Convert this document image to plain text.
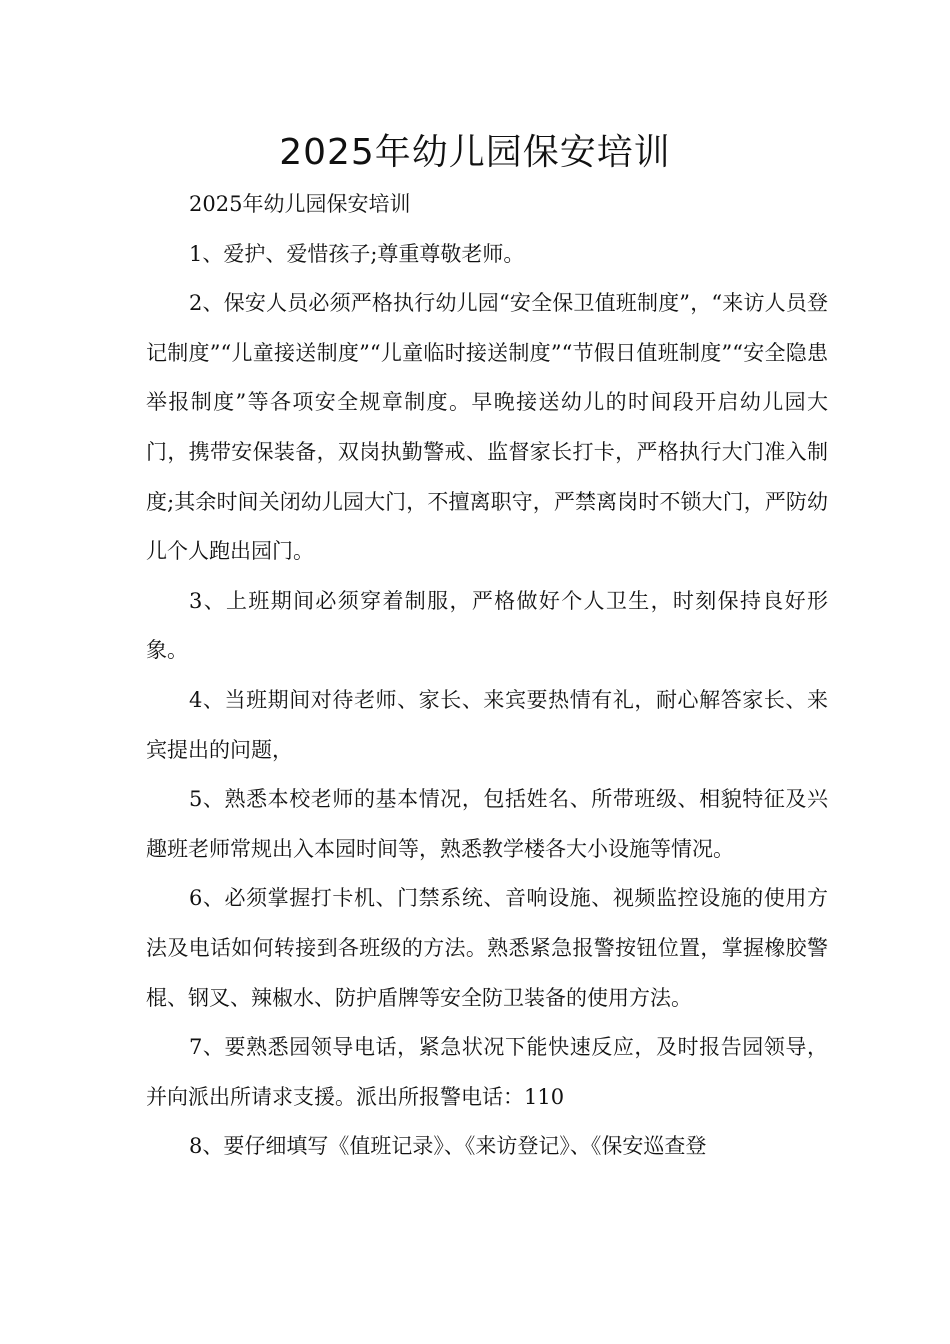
2025年幼儿园保安培训

2025年幼儿园保安培训

1、爱护、爱惜孩子;尊重尊敬老师。

2、保安人员必须严格执行幼儿园“安全保卫值班制度”，“来访人员登记制度”“儿童接送制度”“儿童临时接送制度”“节假日值班制度”“安全隐患举报制度”等各项安全规章制度。早晚接送幼儿的时间段开启幼儿园大门，携带安保装备，双岗执勤警戒、监督家长打卡，严格执行大门准入制度;其余时间关闭幼儿园大门，不擅离职守，严禁离岗时不锁大门，严防幼儿个人跑出园门。

3、上班期间必须穿着制服，严格做好个人卫生，时刻保持良好形象。

4、当班期间对待老师、家长、来宾要热情有礼，耐心解答家长、来宾提出的问题，

5、熟悉本校老师的基本情况，包括姓名、所带班级、相貌特征及兴趣班老师常规出入本园时间等，熟悉教学楼各大小设施等情况。

6、必须掌握打卡机、门禁系统、音响设施、视频监控设施的使用方法及电话如何转接到各班级的方法。熟悉紧急报警按钮位置，掌握橡胶警棍、钢叉、辣椒水、防护盾牌等安全防卫装备的使用方法。

7、要熟悉园领导电话，紧急状况下能快速反应，及时报告园领导，并向派出所请求支援。派出所报警电话：110

8、要仔细填写《值班记录》、《来访登记》、《保安巡查登
